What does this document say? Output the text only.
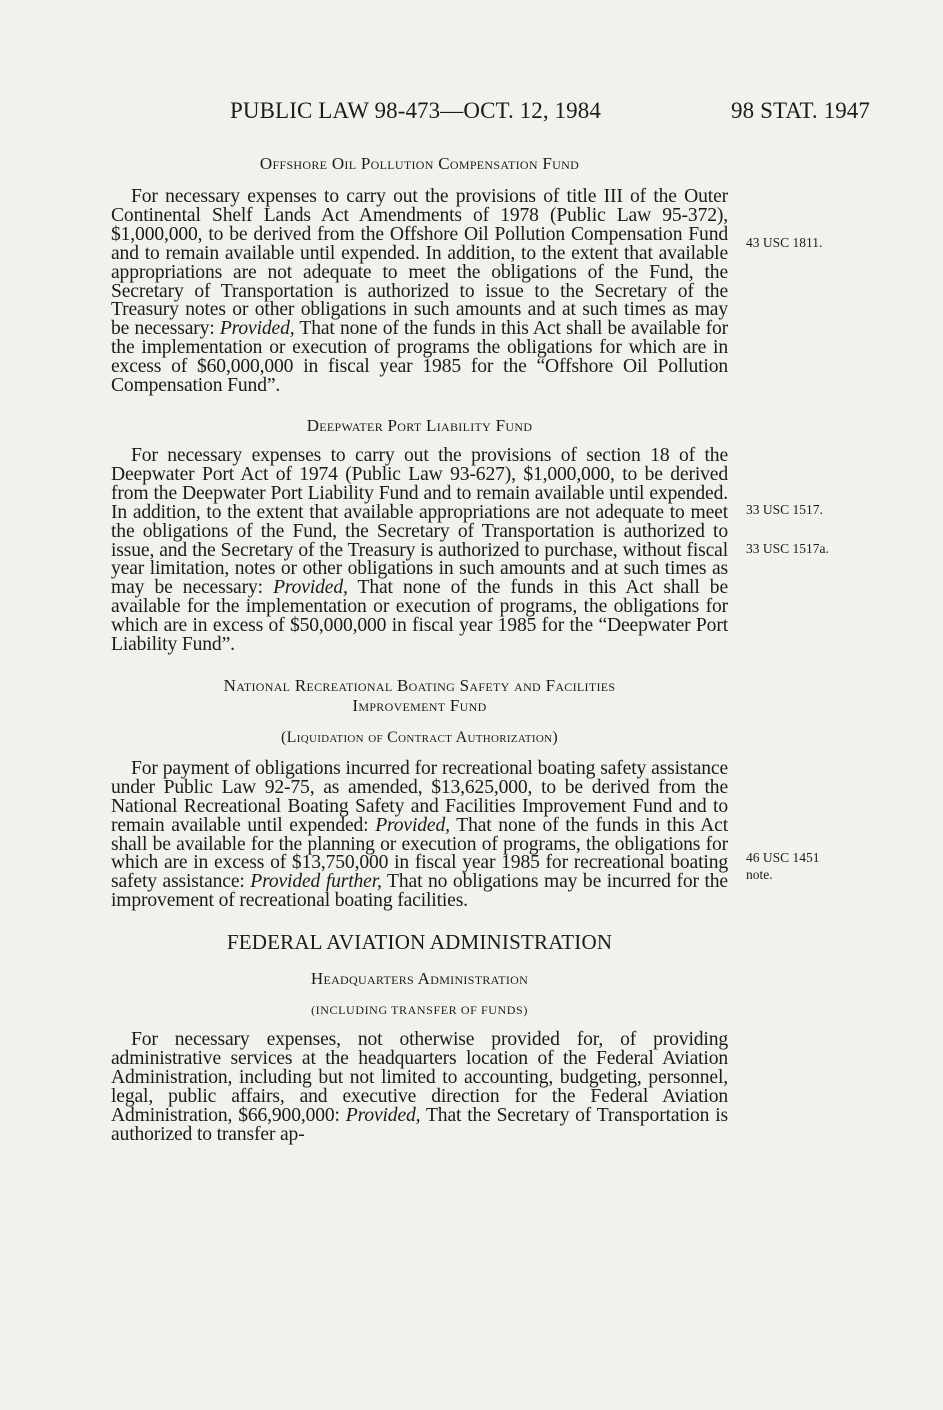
PUBLIC LAW 98-473—OCT. 12, 1984	98 STAT. 1947

Offshore Oil Pollution Compensation Fund

For necessary expenses to carry out the provisions of title III of the Outer Continental Shelf Lands Act Amendments of 1978 (Public Law 95-372), $1,000,000, to be derived from the Offshore Oil Pollution Compensation Fund and to remain available until expended. In addition, to the extent that available appropriations are not adequate to meet the obligations of the Fund, the Secretary of Transportation is authorized to issue to the Secretary of the Treasury notes or other obligations in such amounts and at such times as may be necessary: Provided, That none of the funds in this Act shall be available for the implementation or execution of programs the obligations for which are in excess of $60,000,000 in fiscal year 1985 for the “Offshore Oil Pollution Compensation Fund”.

Deepwater Port Liability Fund

For necessary expenses to carry out the provisions of section 18 of the Deepwater Port Act of 1974 (Public Law 93-627), $1,000,000, to be derived from the Deepwater Port Liability Fund and to remain available until expended. In addition, to the extent that available appropriations are not adequate to meet the obligations of the Fund, the Secretary of Transportation is authorized to issue, and the Secretary of the Treasury is authorized to purchase, without fiscal year limitation, notes or other obligations in such amounts and at such times as may be necessary: Provided, That none of the funds in this Act shall be available for the implementation or execution of programs, the obligations for which are in excess of $50,000,000 in fiscal year 1985 for the “Deepwater Port Liability Fund”.

National Recreational Boating Safety and Facilities

Improvement Fund

(Liquidation of Contract Authorization)

For payment of obligations incurred for recreational boating safety assistance under Public Law 92-75, as amended, $13,625,000, to be derived from the National Recreational Boating Safety and Facilities Improvement Fund and to remain available until expended: Provided, That none of the funds in this Act shall be available for the planning or execution of programs, the obligations for which are in excess of $13,750,000 in fiscal year 1985 for recreational boating safety assistance: Provided further, That no obligations may be incurred for the improvement of recreational boating facilities.

FEDERAL AVIATION ADMINISTRATION

Headquarters Administration

(INCLUDING TRANSFER OF FUNDS)

For necessary expenses, not otherwise provided for, of providing administrative services at the headquarters location of the Federal Aviation Administration, including but not limited to accounting, budgeting, personnel, legal, public affairs, and executive direction for the Federal Aviation Administration, $66,900,000: Provided, That the Secretary of Transportation is authorized to transfer ap-

43 USC 1811.
33 USC 1517.
33 USC 1517a.
46 USC 1451
note.
